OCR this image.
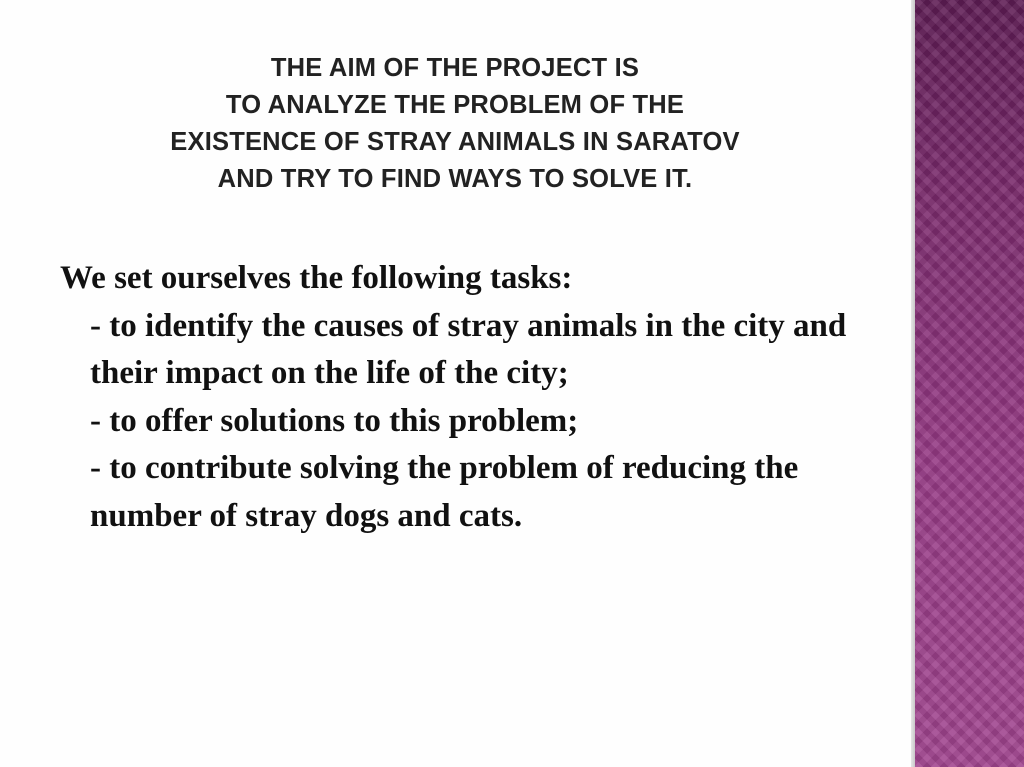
THE AIM OF THE PROJECT IS
TO ANALYZE THE PROBLEM OF THE
EXISTENCE OF STRAY ANIMALS IN SARATOV
AND TRY TO FIND WAYS TO SOLVE IT.
We set ourselves the following tasks:
- to identify the causes of stray animals in the city and their impact on the life of the city;
- to offer solutions to this problem;
- to contribute solving the problem of reducing the number of stray dogs and cats.
